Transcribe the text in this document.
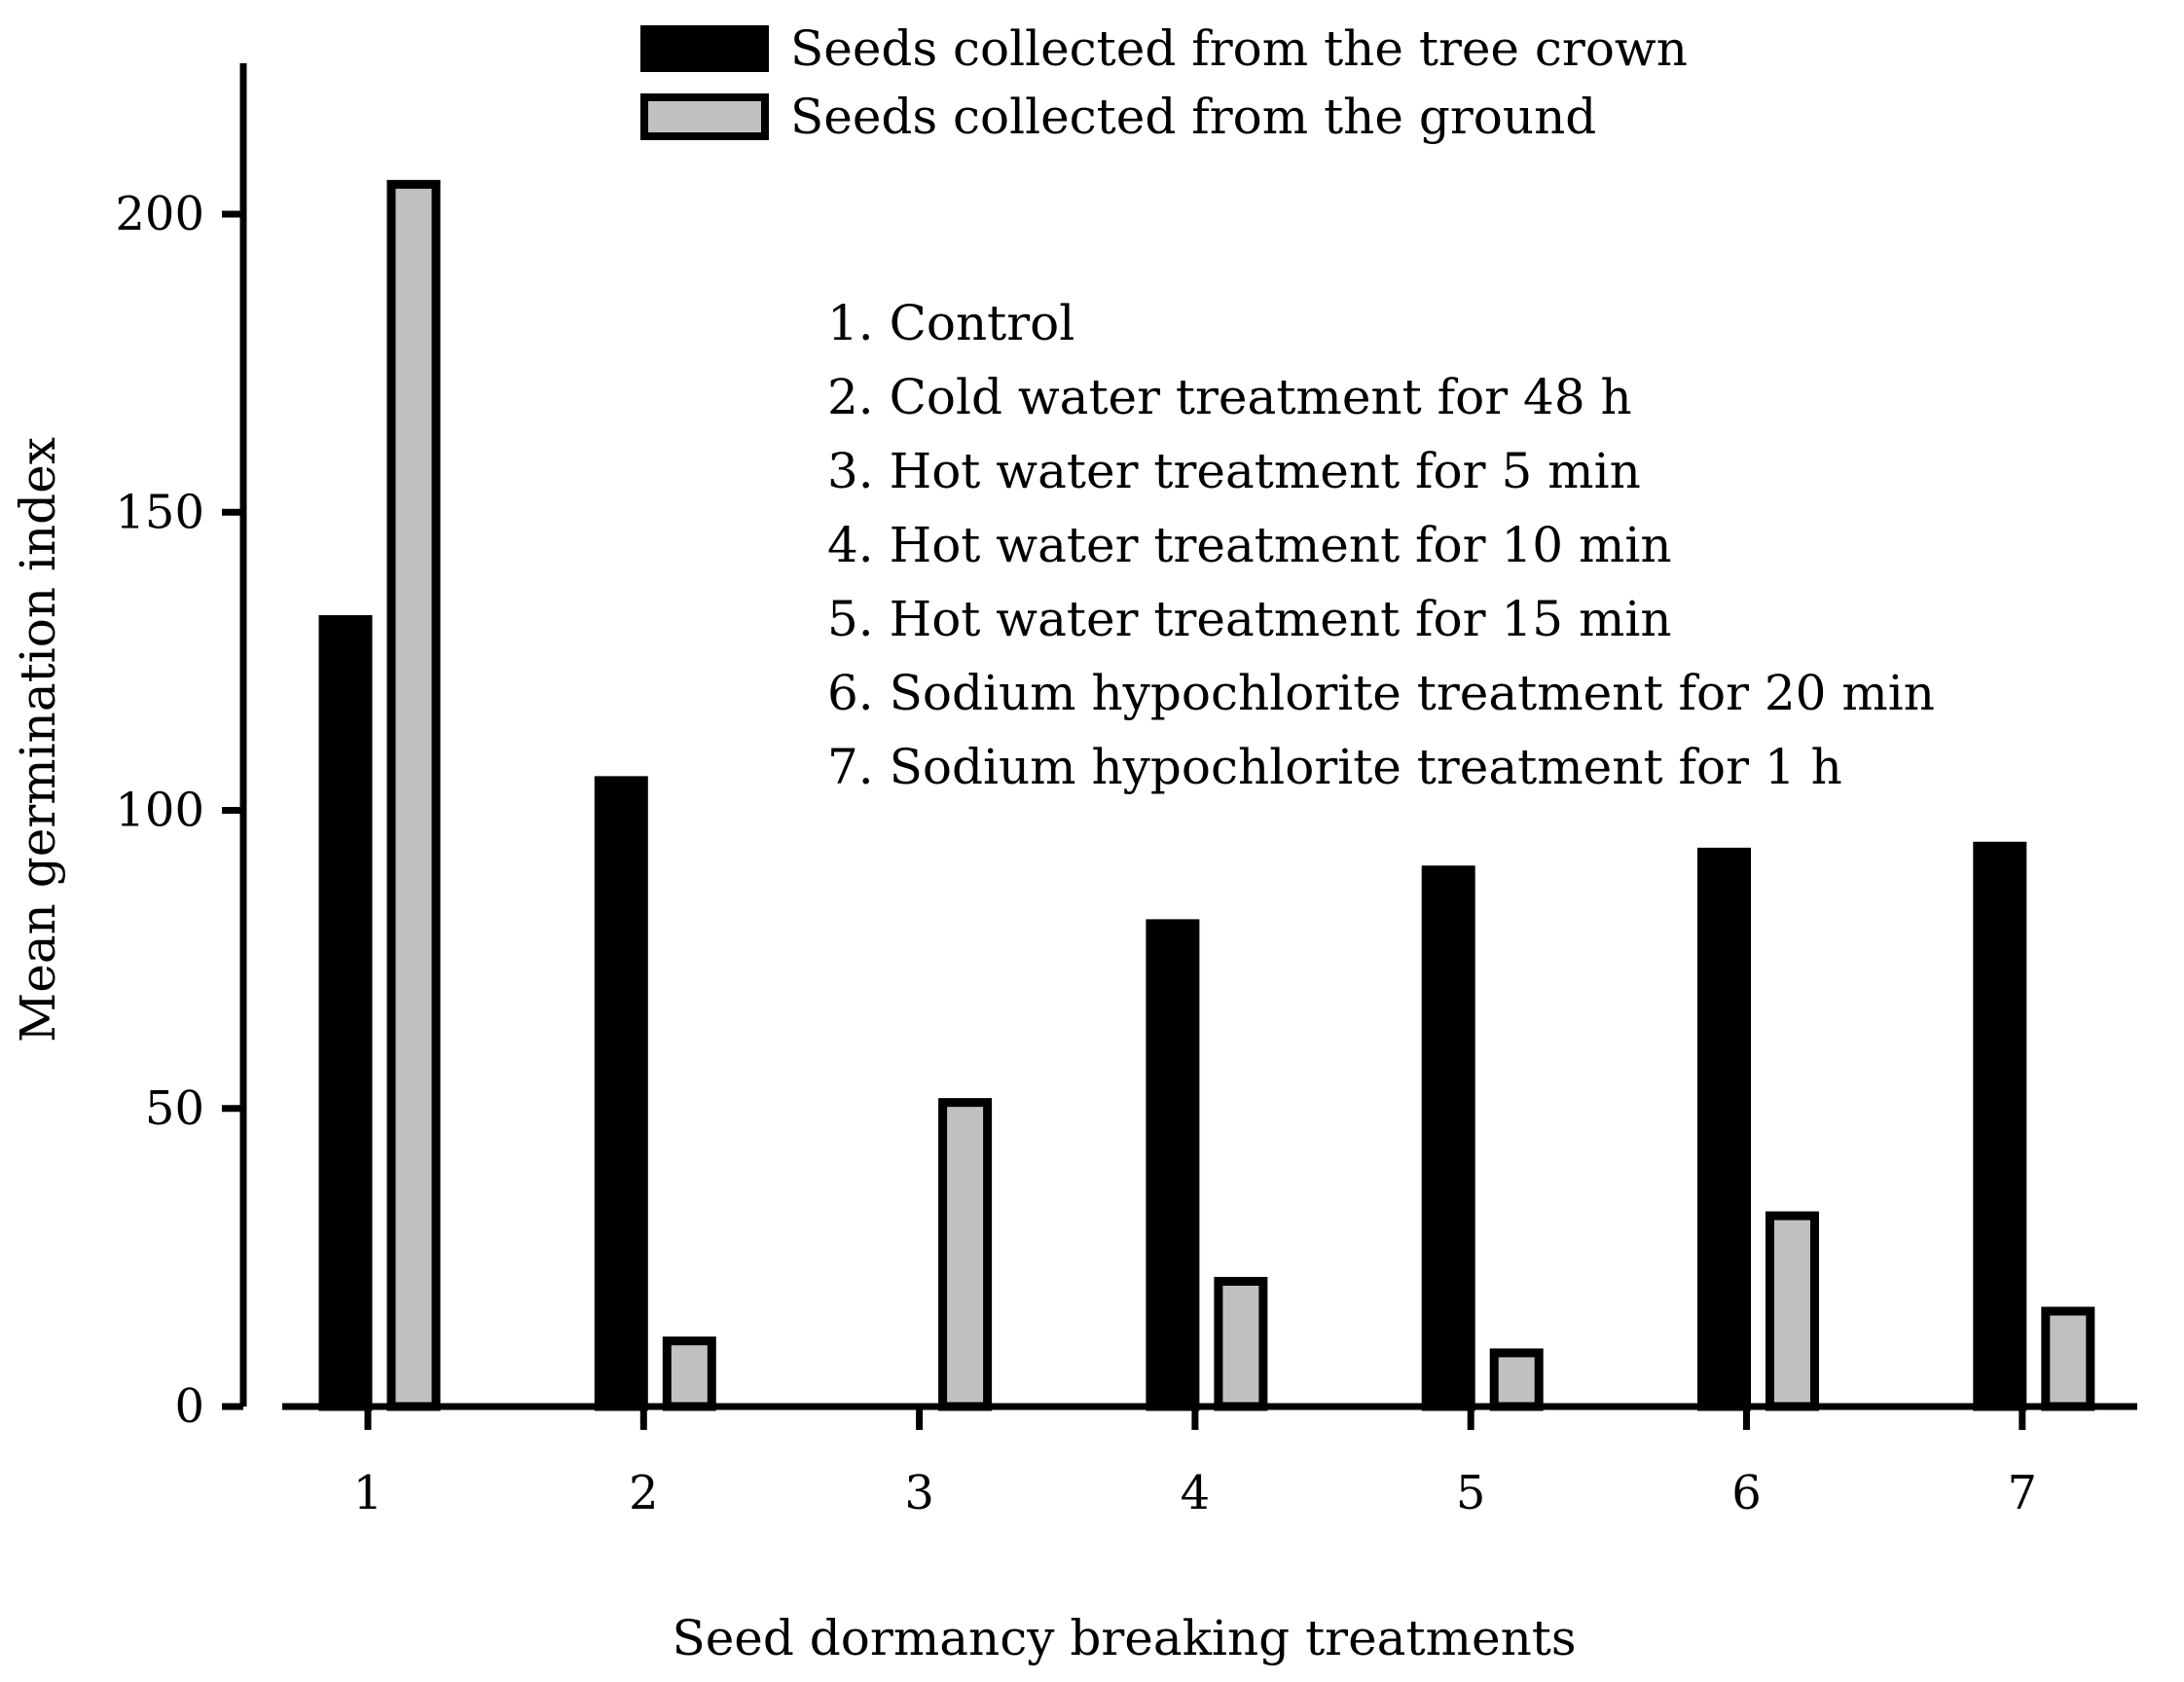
0
50
100
150
200
1	2	3	4	5	6	7
Seeds collected from the tree crown
Seeds collected from the ground
1. Control
2. Cold water treatment for 48 h
3. Hot water treatment for 5 min
4. Hot water treatment for 10 min
5. Hot water treatment for 15 min
6. Sodium hypochlorite treatment for 20 min
7. Sodium hypochlorite treatment for 1 h
Mean germination index
Seed dormancy breaking treatments
